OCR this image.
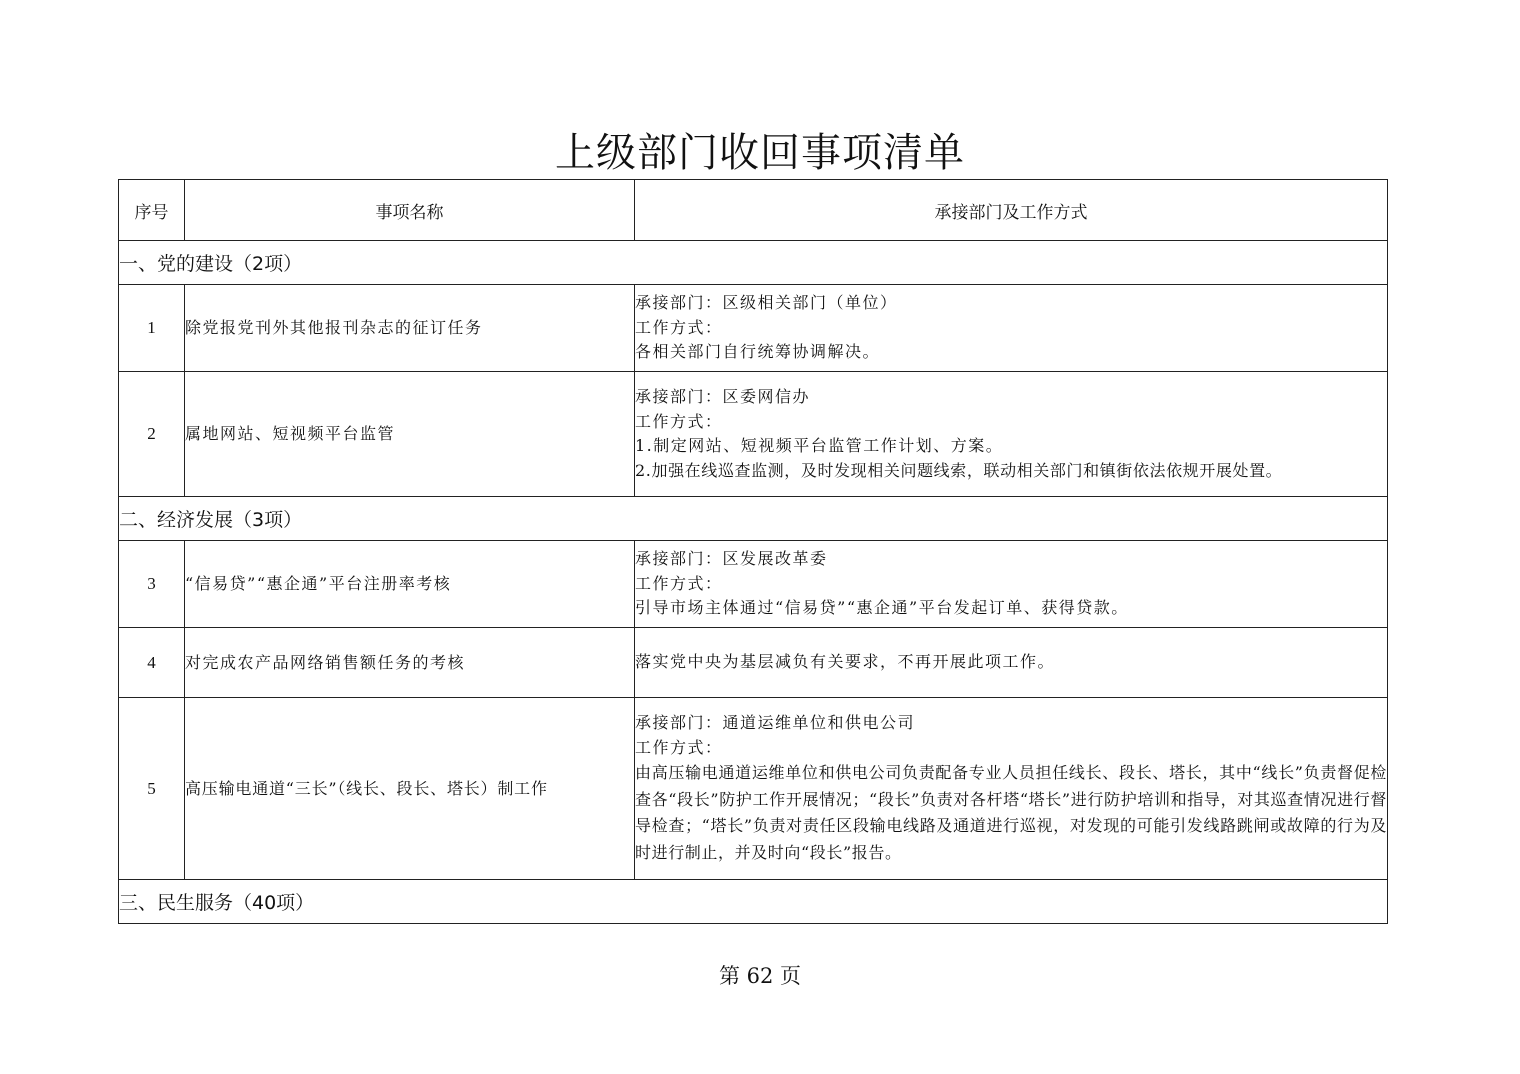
上级部门收回事项清单
序号	事项名称	承接部门及工作方式
一、党的建设（2项）		
1	除党报党刊外其他报刊杂志的征订任务	承接部门：区级相关部门（单位）
工作方式：
各相关部门自行统筹协调解决。

2	属地网站、短视频平台监管	承接部门：区委网信办
工作方式：
1.制定网站、短视频平台监管工作计划、方案。
2.加强在线巡查监测，及时发现相关问题线索，联动相关部门和镇街依法依规开展处置。

二、经济发展（3项）		
3	“信易贷”“惠企通”平台注册率考核	承接部门：区发展改革委
工作方式：
引导市场主体通过“信易贷”“惠企通”平台发起订单、获得贷款。

4	对完成农产品网络销售额任务的考核	落实党中央为基层减负有关要求，不再开展此项工作。

5	高压输电通道“三长”（线长、段长、塔长）制工作	承接部门：通道运维单位和供电公司
工作方式：
由高压输电通道运维单位和供电公司负责配备专业人员担任线长、段长、塔长，其中“线长”负责督促检查各“段长”防护工作开展情况；“段长”负责对各杆塔“塔长”进行防护培训和指导，对其巡查情况进行督导检查；“塔长”负责对责任区段输电线路及通道进行巡视，对发现的可能引发线路跳闸或故障的行为及时进行制止，并及时向“段长”报告。

三、民生服务（40项）		
第 62 页
